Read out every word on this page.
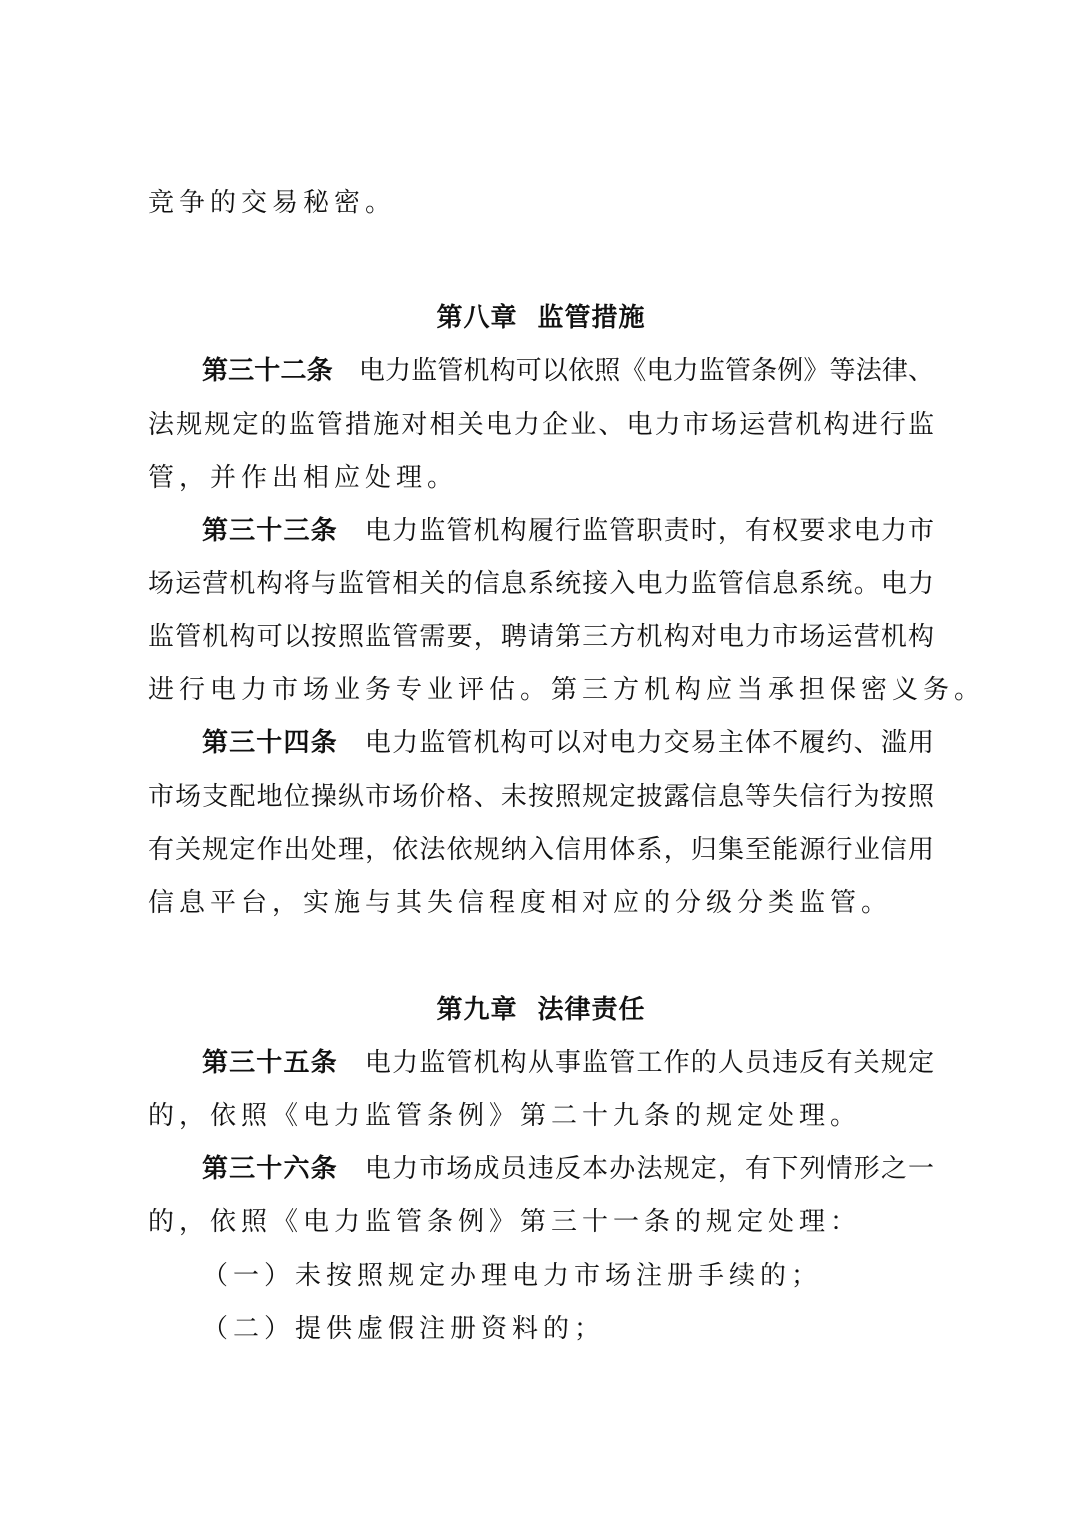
竞争的交易秘密。
第八章  监管措施
第三十二条  电力监管机构可以依照《电力监管条例》等法律、
法规规定的监管措施对相关电力企业、电力市场运营机构进行监
管，并作出相应处理。
第三十三条  电力监管机构履行监管职责时，有权要求电力市
场运营机构将与监管相关的信息系统接入电力监管信息系统。电力
监管机构可以按照监管需要，聘请第三方机构对电力市场运营机构
进行电力市场业务专业评估。第三方机构应当承担保密义务。
第三十四条  电力监管机构可以对电力交易主体不履约、滥用
市场支配地位操纵市场价格、未按照规定披露信息等失信行为按照
有关规定作出处理，依法依规纳入信用体系，归集至能源行业信用
信息平台，实施与其失信程度相对应的分级分类监管。
第九章  法律责任
第三十五条  电力监管机构从事监管工作的人员违反有关规定
的，依照《电力监管条例》第二十九条的规定处理。
第三十六条  电力市场成员违反本办法规定，有下列情形之一
的，依照《电力监管条例》第三十一条的规定处理：
（一）未按照规定办理电力市场注册手续的；
（二）提供虚假注册资料的；
